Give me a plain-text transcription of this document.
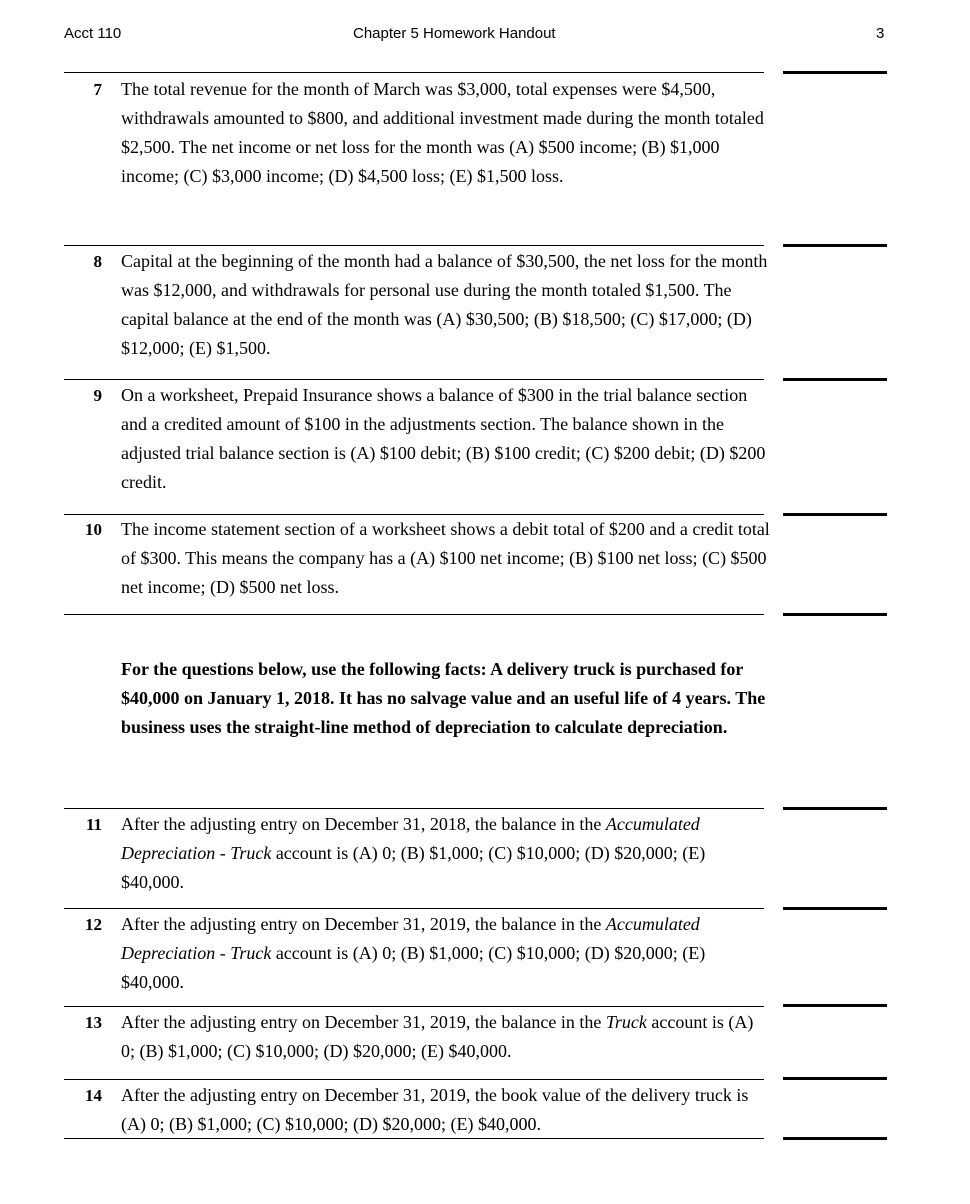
Acct 110	Chapter 5 Homework Handout	3
7 The total revenue for the month of March was $3,000, total expenses were $4,500, withdrawals amounted to $800, and additional investment made during the month totaled $2,500. The net income or net loss for the month was (A) $500 income; (B) $1,000 income; (C) $3,000 income; (D) $4,500 loss; (E) $1,500 loss.
8 Capital at the beginning of the month had a balance of $30,500, the net loss for the month was $12,000, and withdrawals for personal use during the month totaled $1,500. The capital balance at the end of the month was (A) $30,500; (B) $18,500; (C) $17,000; (D) $12,000; (E) $1,500.
9 On a worksheet, Prepaid Insurance shows a balance of $300 in the trial balance section and a credited amount of $100 in the adjustments section. The balance shown in the adjusted trial balance section is (A) $100 debit; (B) $100 credit; (C) $200 debit; (D) $200 credit.
10 The income statement section of a worksheet shows a debit total of $200 and a credit total of $300. This means the company has a (A) $100 net income; (B) $100 net loss; (C) $500 net income; (D) $500 net loss.
For the questions below, use the following facts: A delivery truck is purchased for $40,000 on January 1, 2018. It has no salvage value and an useful life of 4 years. The business uses the straight-line method of depreciation to calculate depreciation.
11 After the adjusting entry on December 31, 2018, the balance in the Accumulated Depreciation - Truck account is (A) 0; (B) $1,000; (C) $10,000; (D) $20,000; (E) $40,000.
12 After the adjusting entry on December 31, 2019, the balance in the Accumulated Depreciation - Truck account is (A) 0; (B) $1,000; (C) $10,000; (D) $20,000; (E) $40,000.
13 After the adjusting entry on December 31, 2019, the balance in the Truck account is (A) 0; (B) $1,000; (C) $10,000; (D) $20,000; (E) $40,000.
14 After the adjusting entry on December 31, 2019, the book value of the delivery truck is (A) 0; (B) $1,000; (C) $10,000; (D) $20,000; (E) $40,000.
